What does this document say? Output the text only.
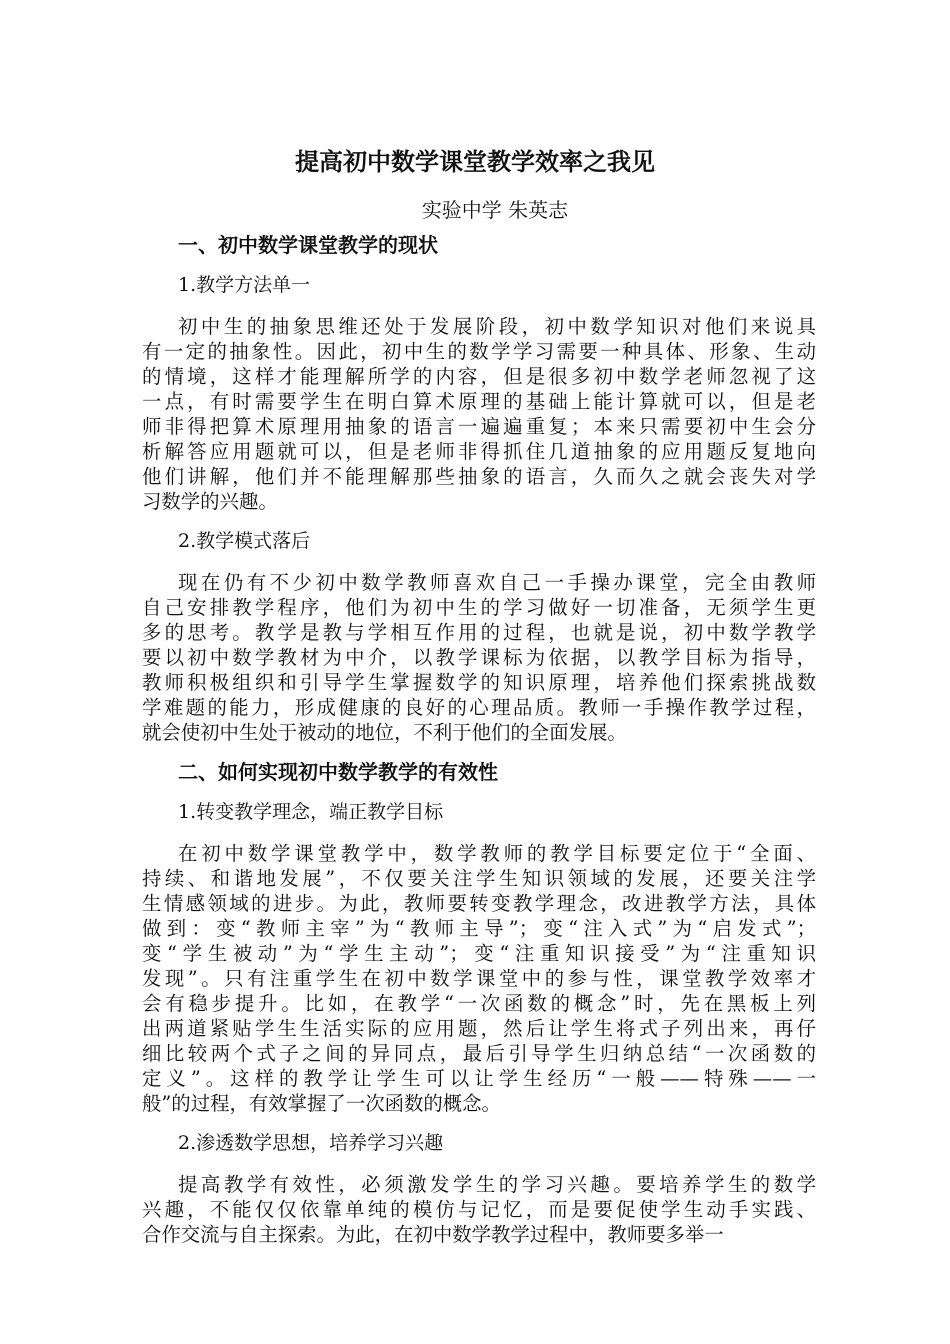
提高初中数学课堂教学效率之我见
实验中学 朱英志
一、初中数学课堂教学的现状
1.教学方法单一
初中生的抽象思维还处于发展阶段，初中数学知识对他们来说具
有一定的抽象性。因此，初中生的数学学习需要一种具体、形象、生动
的情境，这样才能理解所学的内容，但是很多初中数学老师忽视了这
一点，有时需要学生在明白算术原理的基础上能计算就可以，但是老
师非得把算术原理用抽象的语言一遍遍重复；本来只需要初中生会分
析解答应用题就可以，但是老师非得抓住几道抽象的应用题反复地向
他们讲解，他们并不能理解那些抽象的语言，久而久之就会丧失对学
习数学的兴趣。
2.教学模式落后
现在仍有不少初中数学教师喜欢自己一手操办课堂，完全由教师
自己安排教学程序，他们为初中生的学习做好一切准备，无须学生更
多的思考。教学是教与学相互作用的过程，也就是说，初中数学教学
要以初中数学教材为中介，以教学课标为依据，以教学目标为指导，
教师积极组织和引导学生掌握数学的知识原理，培养他们探索挑战数
学难题的能力，形成健康的良好的心理品质。教师一手操作教学过程，
就会使初中生处于被动的地位，不利于他们的全面发展。
二、如何实现初中数学教学的有效性
1.转变教学理念，端正教学目标
在初中数学课堂教学中，数学教师的教学目标要定位于“全面、
持续、和谐地发展”，不仅要关注学生知识领域的发展，还要关注学
生情感领域的进步。为此，教师要转变教学理念，改进教学方法，具体
做到：变“教师主宰”为“教师主导”；变“注入式”为“启发式”；
变“学生被动”为“学生主动”；变“注重知识接受”为“注重知识
发现”。只有注重学生在初中数学课堂中的参与性，课堂教学效率才
会有稳步提升。比如，在教学“一次函数的概念”时，先在黑板上列
出两道紧贴学生生活实际的应用题，然后让学生将式子列出来，再仔
细比较两个式子之间的异同点，最后引导学生归纳总结“一次函数的
定义”。这样的教学让学生可以让学生经历“一般——特殊——一
般”的过程，有效掌握了一次函数的概念。
2.渗透数学思想，培养学习兴趣
提高教学有效性，必须激发学生的学习兴趣。要培养学生的数学
兴趣，不能仅仅依靠单纯的模仿与记忆，而是要促使学生动手实践、
合作交流与自主探索。为此，在初中数学教学过程中，教师要多举一
